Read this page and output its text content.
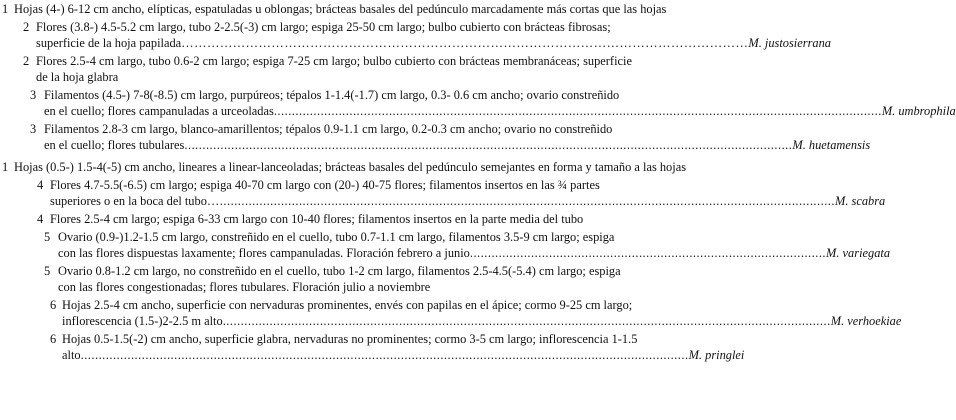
1 Hojas (4-) 6-12 cm ancho, elípticas, espatuladas u oblongas; brácteas basales del pedúnculo marcadamente más cortas que las hojas
2 Flores (3.8-) 4.5-5.2 cm largo, tubo 2-2.5(-3) cm largo; espiga 25-50 cm largo; bulbo cubierto con brácteas fibrosas;
superficie de la hoja papilada …………………………………………………………………………………………………………………… M. justosierrana
2 Flores 2.5-4 cm largo, tubo 0.6-2 cm largo; espiga 7-25 cm largo; bulbo cubierto con brácteas membranáceas; superficie
de la hoja glabra
3 Filamentos (4.5-) 7-8(-8.5) cm largo, purpúreos; tépalos 1-1.4(-1.7) cm largo, 0.3- 0.6 cm ancho; ovario constreñido
en el cuello; flores campanuladas a urceoladas ......................................................................................................................................................................... M. umbrophila
3 Filamentos 2.8-3 cm largo, blanco-amarillentos; tépalos 0.9-1.1 cm largo, 0.2-0.3 cm ancho; ovario no constreñido
en el cuello; flores tubulares ......................................................................................................................................................................... M. huetamensis
1 Hojas (0.5-) 1.5-4(-5) cm ancho, lineares a linear-lanceoladas; brácteas basales del pedúnculo semejantes en forma y tamaño a las hojas
4 Flores 4.7-5.5(-6.5) cm largo; espiga 40-70 cm largo con (20-) 40-75 flores; filamentos insertos en las ¾ partes
superiores o en la boca del tubo …........................................................................................................................................................................... M. scabra
4 Flores 2.5-4 cm largo; espiga 6-33 cm largo con 10-40 flores; filamentos insertos en la parte media del tubo
5 Ovario (0.9-)1.2-1.5 cm largo, constreñido en el cuello, tubo 0.7-1.1 cm largo, filamentos 3.5-9 cm largo; espiga
con las flores dispuestas laxamente; flores campanuladas. Floración febrero a junio ................................................................................................... M. variegata
5 Ovario 0.8-1.2 cm largo, no constreñido en el cuello, tubo 1-2 cm largo, filamentos 2.5-4.5(-5.4) cm largo; espiga
con las flores congestionadas; flores tubulares. Floración julio a noviembre
6 Hojas 2.5-4 cm ancho, superficie con nervaduras prominentes, envés con papilas en el ápice; cormo 9-25 cm largo;
inflorescencia (1.5-)2-2.5 m alto ......................................................................................................................................................................... M. verhoekiae
6 Hojas 0.5-1.5(-2) cm ancho, superficie glabra, nervaduras no prominentes; cormo 3-5 cm largo; inflorescencia 1-1.5
alto ......................................................................................................................................................................... M. pringlei
